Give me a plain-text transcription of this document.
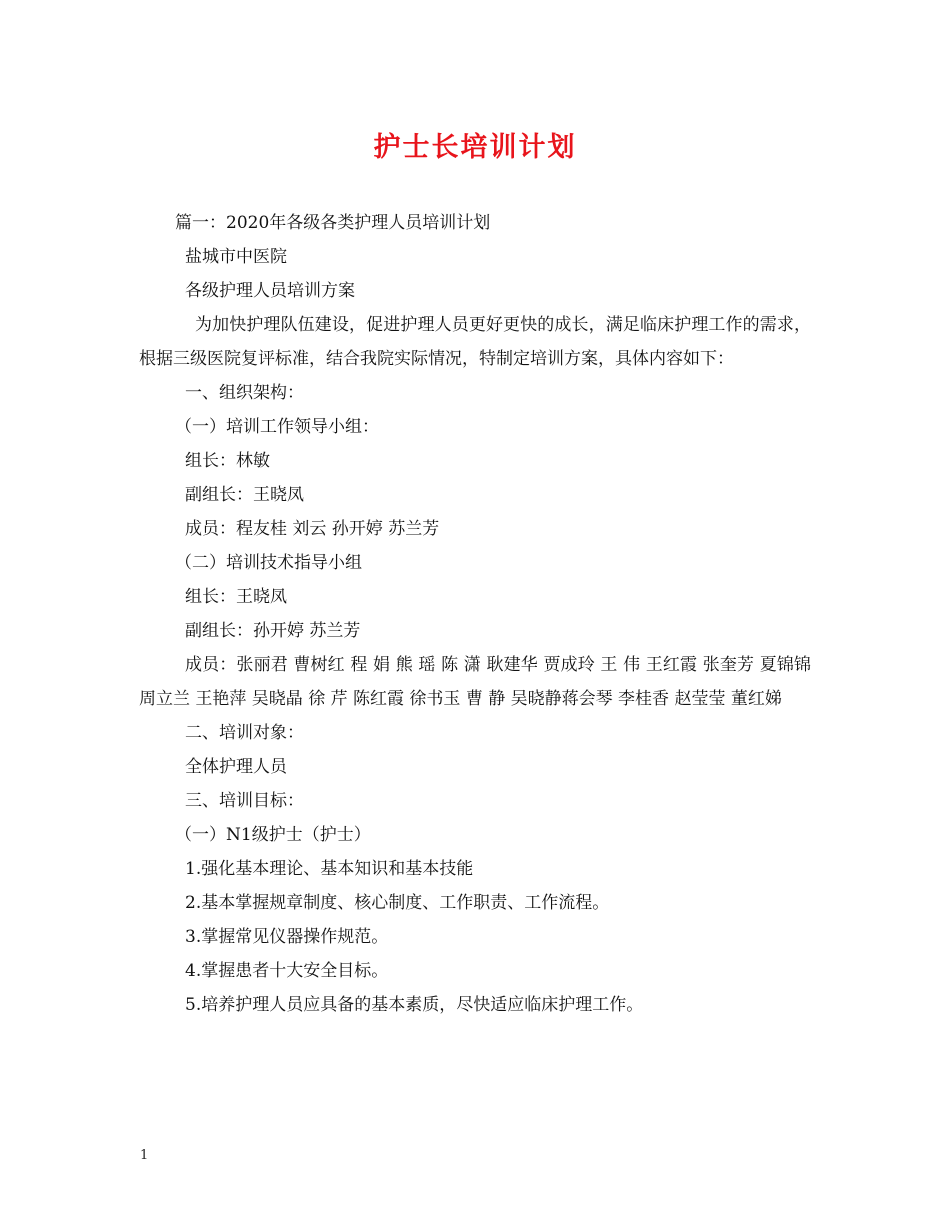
护士长培训计划

篇一：2020年各级各类护理人员培训计划

盐城市中医院

各级护理人员培训方案

为加快护理队伍建设，促进护理人员更好更快的成长，满足临床护理工作的需求，根据三级医院复评标准，结合我院实际情况，特制定培训方案，具体内容如下：

一、组织架构：

（一）培训工作领导小组：

组长：林敏

副组长：王晓凤

成员：程友桂 刘云 孙开婷 苏兰芳

（二）培训技术指导小组

组长：王晓凤

副组长：孙开婷 苏兰芳

成员：张丽君 曹树红 程 娟 熊 瑶 陈 潇 耿建华 贾成玲 王 伟 王红霞 张奎芳 夏锦锦 周立兰 王艳萍 吴晓晶 徐 芹 陈红霞 徐书玉 曹 静 吴晓静蒋会琴 李桂香 赵莹莹 董红娣

二、培训对象：

全体护理人员

三、培训目标：

（一）N1级护士（护士）

1.强化基本理论、基本知识和基本技能

2.基本掌握规章制度、核心制度、工作职责、工作流程。

3.掌握常见仪器操作规范。

4.掌握患者十大安全目标。

5.培养护理人员应具备的基本素质，尽快适应临床护理工作。

1
